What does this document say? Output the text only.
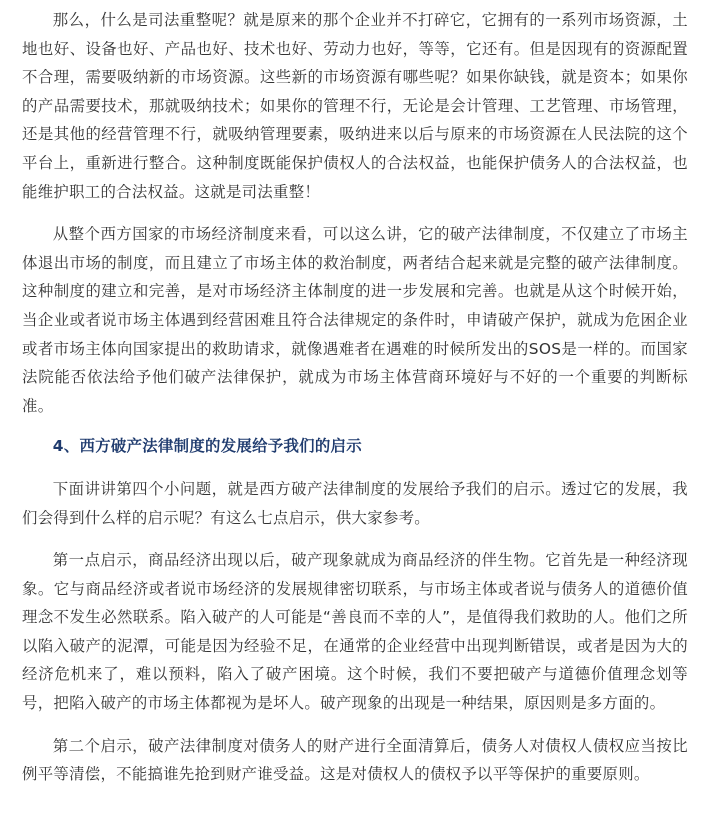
那么，什么是司法重整呢？就是原来的那个企业并不打碎它，它拥有的一系列市场资源，土地也好、设备也好、产品也好、技术也好、劳动力也好，等等，它还有。但是因现有的资源配置不合理，需要吸纳新的市场资源。这些新的市场资源有哪些呢？如果你缺钱，就是资本；如果你的产品需要技术，那就吸纳技术；如果你的管理不行，无论是会计管理、工艺管理、市场管理，还是其他的经营管理不行，就吸纳管理要素，吸纳进来以后与原来的市场资源在人民法院的这个平台上，重新进行整合。这种制度既能保护债权人的合法权益，也能保护债务人的合法权益，也能维护职工的合法权益。这就是司法重整！

从整个西方国家的市场经济制度来看，可以这么讲，它的破产法律制度，不仅建立了市场主体退出市场的制度，而且建立了市场主体的救治制度，两者结合起来就是完整的破产法律制度。这种制度的建立和完善，是对市场经济主体制度的进一步发展和完善。也就是从这个时候开始，当企业或者说市场主体遇到经营困难且符合法律规定的条件时，申请破产保护，就成为危困企业或者市场主体向国家提出的救助请求，就像遇难者在遇难的时候所发出的SOS是一样的。而国家法院能否依法给予他们破产法律保护，就成为市场主体营商环境好与不好的一个重要的判断标准。

4、西方破产法律制度的发展给予我们的启示

下面讲讲第四个小问题，就是西方破产法律制度的发展给予我们的启示。透过它的发展，我们会得到什么样的启示呢？有这么七点启示，供大家参考。

第一点启示，商品经济出现以后，破产现象就成为商品经济的伴生物。它首先是一种经济现象。它与商品经济或者说市场经济的发展规律密切联系，与市场主体或者说与债务人的道德价值理念不发生必然联系。陷入破产的人可能是“善良而不幸的人”，是值得我们救助的人。他们之所以陷入破产的泥潭，可能是因为经验不足，在通常的企业经营中出现判断错误，或者是因为大的经济危机来了，难以预料，陷入了破产困境。这个时候，我们不要把破产与道德价值理念划等号，把陷入破产的市场主体都视为是坏人。破产现象的出现是一种结果，原因则是多方面的。

第二个启示，破产法律制度对债务人的财产进行全面清算后，债务人对债权人债权应当按比例平等清偿，不能搞谁先抢到财产谁受益。这是对债权人的债权予以平等保护的重要原则。
